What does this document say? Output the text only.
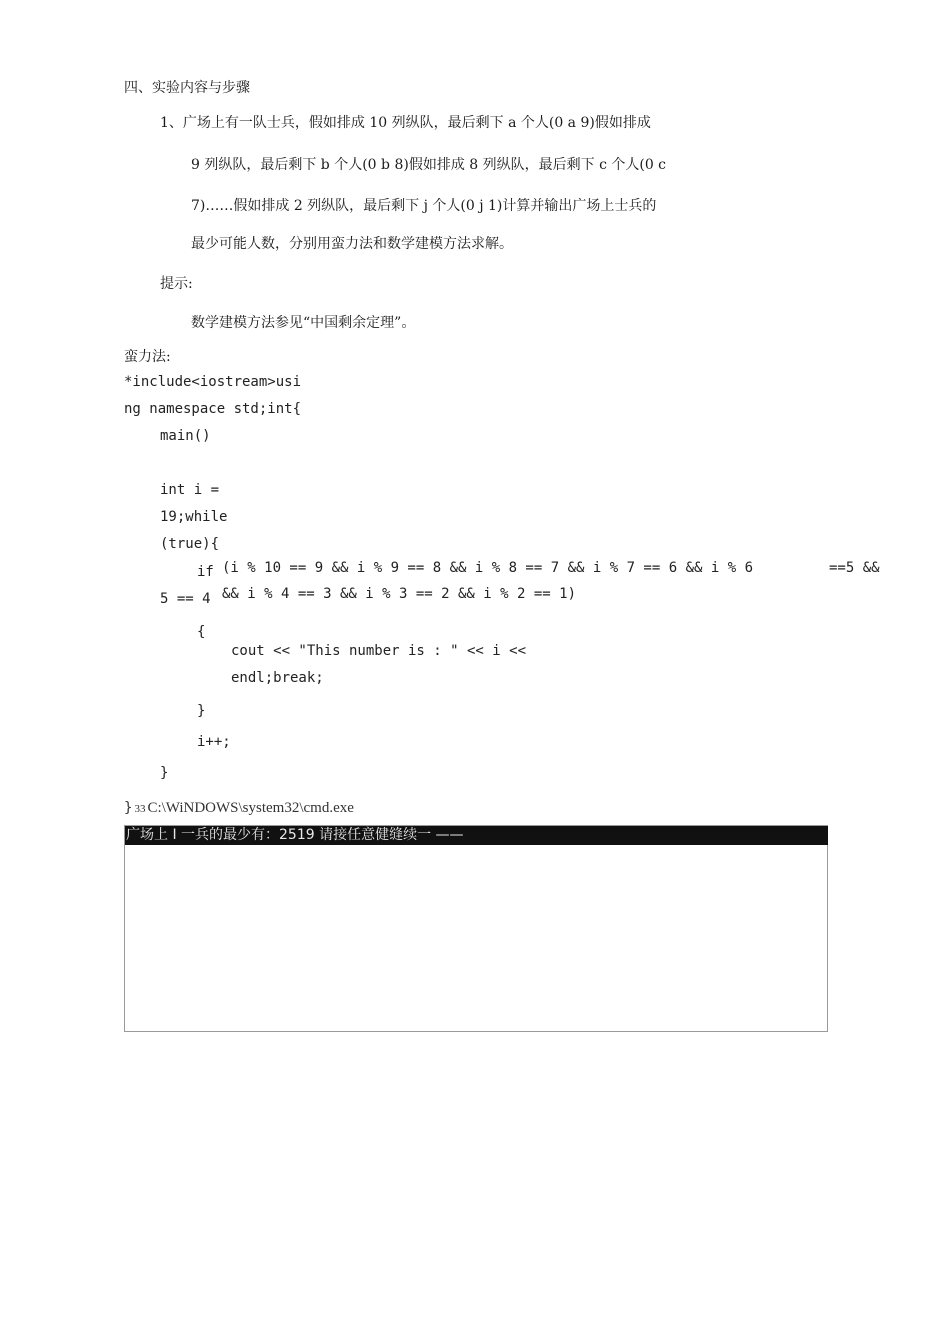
四、实验内容与步骤
1、广场上有一队士兵，假如排成 10 列纵队，最后剩下 a 个人(0 a 9)假如排成
9 列纵队，最后剩下 b 个人(0 b 8)假如排成 8 列纵队，最后剩下 c 个人(0 c
7)……假如排成 2 列纵队，最后剩下 j 个人(0 j 1)计算并输出广场上士兵的
最少可能人数，分别用蛮力法和数学建模方法求解。
提示:
数学建模方法参见“中国剩余定理”。
蛮力法:
*include<iostream>usi
ng namespace std;int{
main()
int i =
19;while
(true){
if (i % 10 == 9 && i % 9 == 8 && i % 8 == 7 && i % 7 == 6 && i % 6	==5 &&
5 == 4 && i % 4 == 3 && i % 3 == 2 && i % 2 == 1)
{
cout << "This number is : " << i <<
endl;break;
}
i++;
}
} 33 C:\WiNDOWS\system32\cmd.exe
广场上 I 一兵的最少有：2519 请接任意健缝续一 ——
